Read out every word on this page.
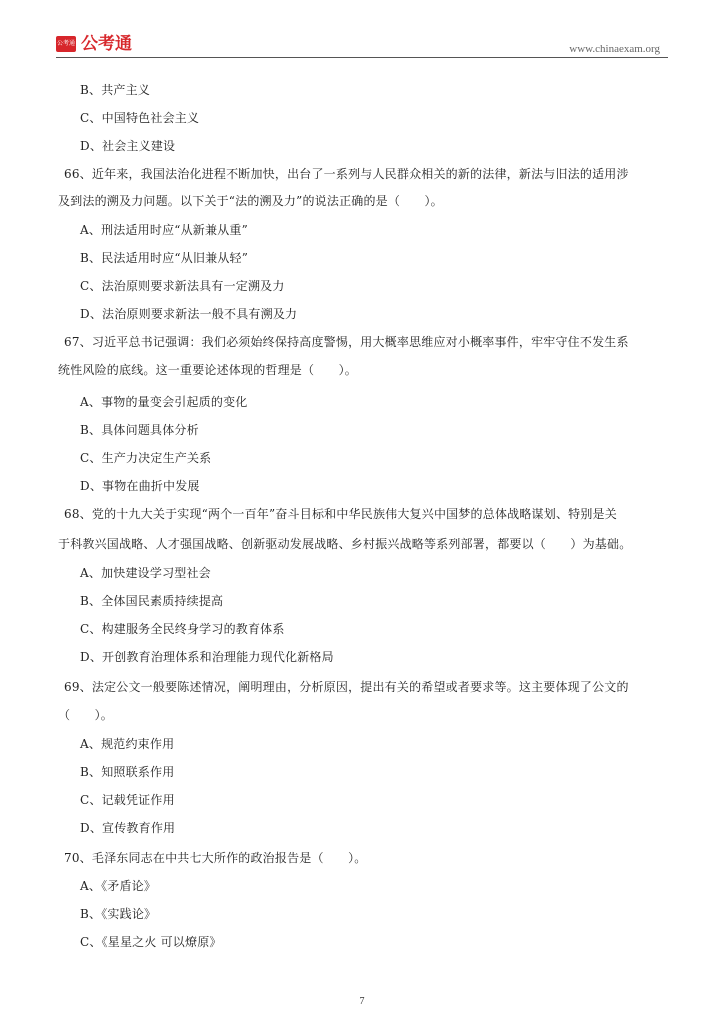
公考通 公考通	www.chinaexam.org
B、共产主义
C、中国特色社会主义
D、社会主义建设
66、近年来，我国法治化进程不断加快，出台了一系列与人民群众相关的新的法律，新法与旧法的适用涉
及到法的溯及力问题。以下关于“法的溯及力”的说法正确的是（　　）。
A、刑法适用时应“从新兼从重”
B、民法适用时应“从旧兼从轻”
C、法治原则要求新法具有一定溯及力
D、法治原则要求新法一般不具有溯及力
67、习近平总书记强调：我们必须始终保持高度警惕，用大概率思维应对小概率事件，牢牢守住不发生系
统性风险的底线。这一重要论述体现的哲理是（　　）。
A、事物的量变会引起质的变化
B、具体问题具体分析
C、生产力决定生产关系
D、事物在曲折中发展
68、党的十九大关于实现“两个一百年”奋斗目标和中华民族伟大复兴中国梦的总体战略谋划、特别是关
于科教兴国战略、人才强国战略、创新驱动发展战略、乡村振兴战略等系列部署，都要以（　　）为基础。
A、加快建设学习型社会
B、全体国民素质持续提高
C、构建服务全民终身学习的教育体系
D、开创教育治理体系和治理能力现代化新格局
69、法定公文一般要陈述情况，阐明理由，分析原因，提出有关的希望或者要求等。这主要体现了公文的
（　　）。
A、规范约束作用
B、知照联系作用
C、记载凭证作用
D、宣传教育作用
70、毛泽东同志在中共七大所作的政治报告是（　　）。
A、《矛盾论》
B、《实践论》
C、《星星之火 可以燎原》
7
